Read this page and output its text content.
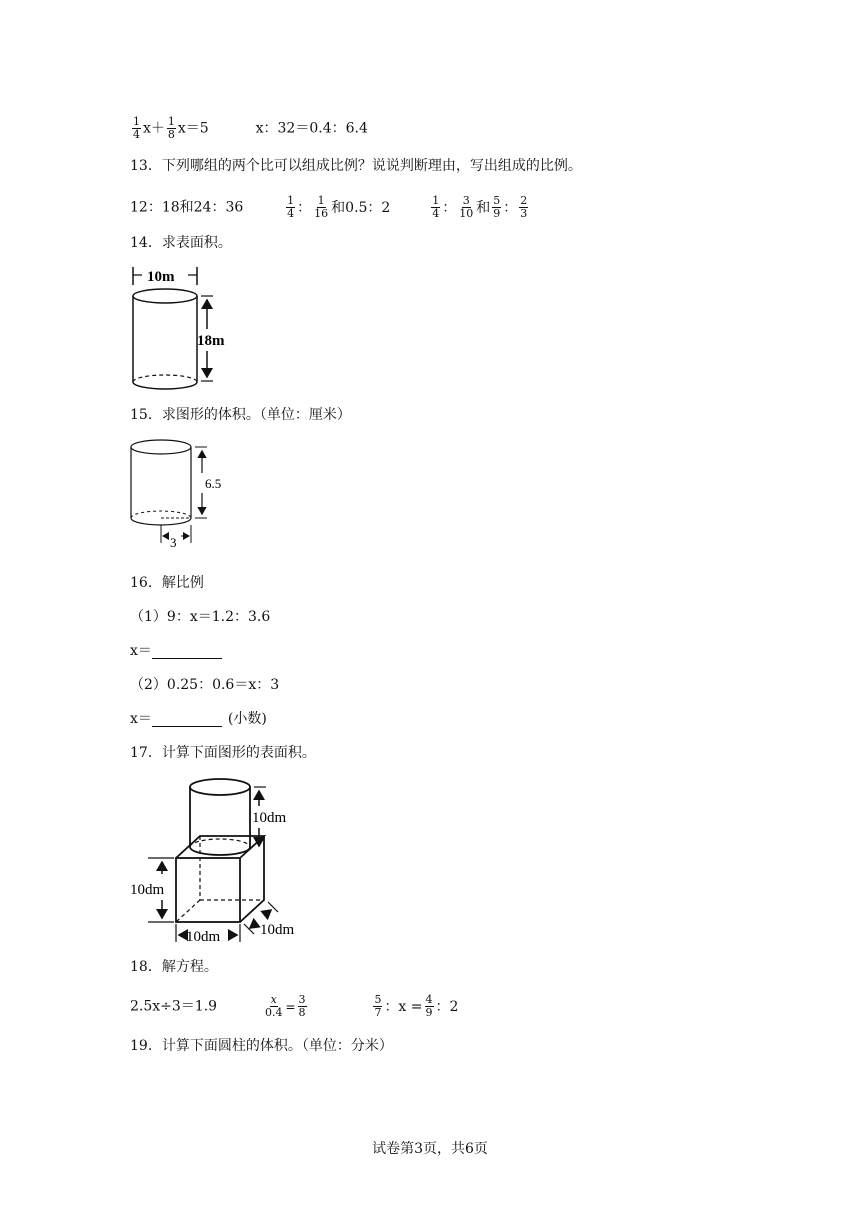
$\frac{1}{4} x+ \frac{1}{8} x=5$	x：32＝0.4：6.4
13．下列哪组的两个比可以组成比例？说说判断理由，写出组成的比例。
12：18和24：36	$\frac{1}{4}$ ： $\frac{1}{16}$ 和0.5：2	$\frac{1}{4}$ ： $\frac{3}{10}$ 和 $\frac{5}{9}$ ： $\frac{2}{3}$
14．求表面积。
10m
18m
15．求图形的体积。（单位：厘米）
6.5
3
16．解比例
（1）9：x＝1.2：3.6
x＝
（2）0.25：0.6＝x：3
x＝	(小数)
17．计算下面图形的表面积。
10dm
10dm
10dm	10dm
18．解方程。
2.5x÷3＝1.9	$\frac{x}{0.4} = \frac{3}{8}$
	$\frac{5}{7}$ ：$x = \frac{4}{9}$ ：2
19．计算下面圆柱的体积。（单位：分米）
试卷第3页，共6页
